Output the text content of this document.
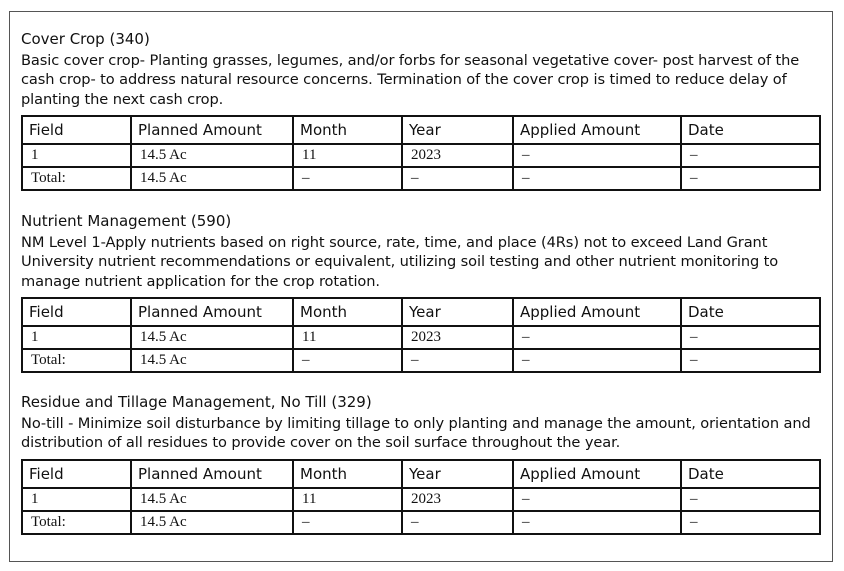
Cover Crop (340)

Basic cover crop- Planting grasses, legumes, and/or forbs for seasonal vegetative cover- post harvest of the cash crop- to address natural resource concerns. Termination of the cover crop is timed to reduce delay of planting the next cash crop.

Field	Planned Amount	Month	Year	Applied Amount	Date
1	14.5 Ac	11	2023	–	–
Total:	14.5 Ac	–	–	–	–
Nutrient Management (590)

NM Level 1-Apply nutrients based on right source, rate, time, and place (4Rs) not to exceed Land Grant University nutrient recommendations or equivalent, utilizing soil testing and other nutrient monitoring to manage nutrient application for the crop rotation.

Field	Planned Amount	Month	Year	Applied Amount	Date
1	14.5 Ac	11	2023	–	–
Total:	14.5 Ac	–	–	–	–
Residue and Tillage Management, No Till (329)

No-till - Minimize soil disturbance by limiting tillage to only planting and manage the amount, orientation and distribution of all residues to provide cover on the soil surface throughout the year.

Field	Planned Amount	Month	Year	Applied Amount	Date
1	14.5 Ac	11	2023	–	–
Total:	14.5 Ac	–	–	–	–
